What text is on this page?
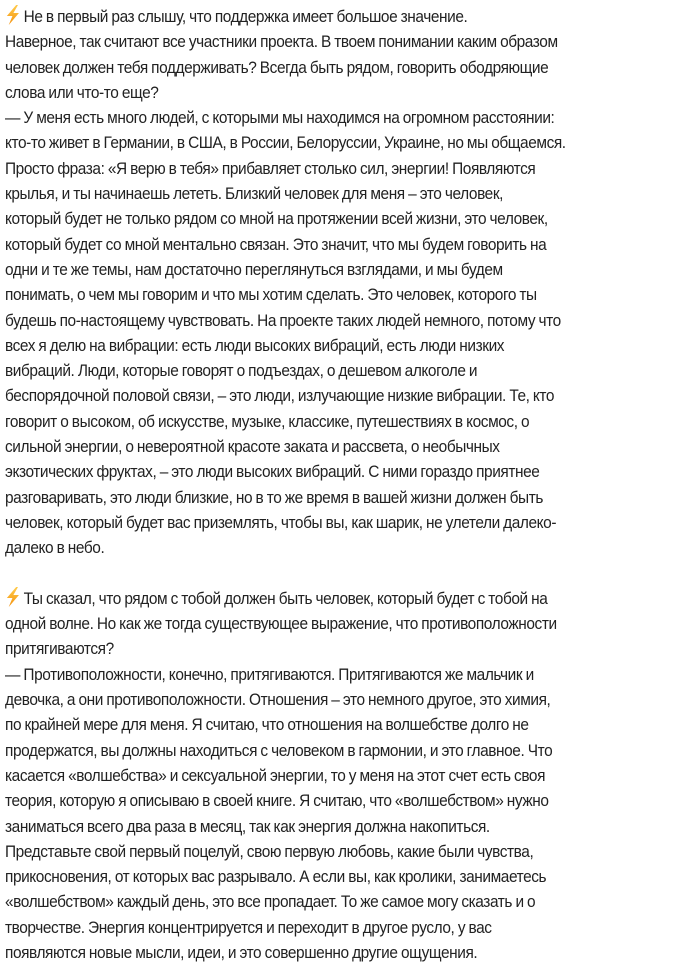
Не в первый раз слышу, что поддержка имеет большое значение.
Наверное, так считают все участники проекта. В твоем понимании каким образом
человек должен тебя поддерживать? Всегда быть рядом, говорить ободряющие
слова или что-то еще?
— У меня есть много людей, с которыми мы находимся на огромном расстоянии:
кто-то живет в Германии, в США, в России, Белоруссии, Украине, но мы общаемся.
Просто фраза: «Я верю в тебя» прибавляет столько сил, энергии! Появляются
крылья, и ты начинаешь лететь. Близкий человек для меня – это человек,
который будет не только рядом со мной на протяжении всей жизни, это человек,
который будет со мной ментально связан. Это значит, что мы будем говорить на
одни и те же темы, нам достаточно переглянуться взглядами, и мы будем
понимать, о чем мы говорим и что мы хотим сделать. Это человек, которого ты
будешь по-настоящему чувствовать. На проекте таких людей немного, потому что
всех я делю на вибрации: есть люди высоких вибраций, есть люди низких
вибраций. Люди, которые говорят о подъездах, о дешевом алкоголе и
беспорядочной половой связи, – это люди, излучающие низкие вибрации. Те, кто
говорит о высоком, об искусстве, музыке, классике, путешествиях в космос, о
сильной энергии, о невероятной красоте заката и рассвета, о необычных
экзотических фруктах, – это люди высоких вибраций. С ними гораздо приятнее
разговаривать, это люди близкие, но в то же время в вашей жизни должен быть
человек, который будет вас приземлять, чтобы вы, как шарик, не улетели далеко-
далеко в небо.

Ты сказал, что рядом с тобой должен быть человек, который будет с тобой на
одной волне. Но как же тогда существующее выражение, что противоположности
притягиваются?
— Противоположности, конечно, притягиваются. Притягиваются же мальчик и
девочка, а они противоположности. Отношения – это немного другое, это химия,
по крайней мере для меня. Я считаю, что отношения на волшебстве долго не
продержатся, вы должны находиться с человеком в гармонии, и это главное. Что
касается «волшебства» и сексуальной энергии, то у меня на этот счет есть своя
теория, которую я описываю в своей книге. Я считаю, что «волшебством» нужно
заниматься всего два раза в месяц, так как энергия должна накопиться.
Представьте свой первый поцелуй, свою первую любовь, какие были чувства,
прикосновения, от которых вас разрывало. А если вы, как кролики, занимаетесь
«волшебством» каждый день, это все пропадает. То же самое могу сказать и о
творчестве. Энергия концентрируется и переходит в другое русло, у вас
появляются новые мысли, идеи, и это совершенно другие ощущения.
